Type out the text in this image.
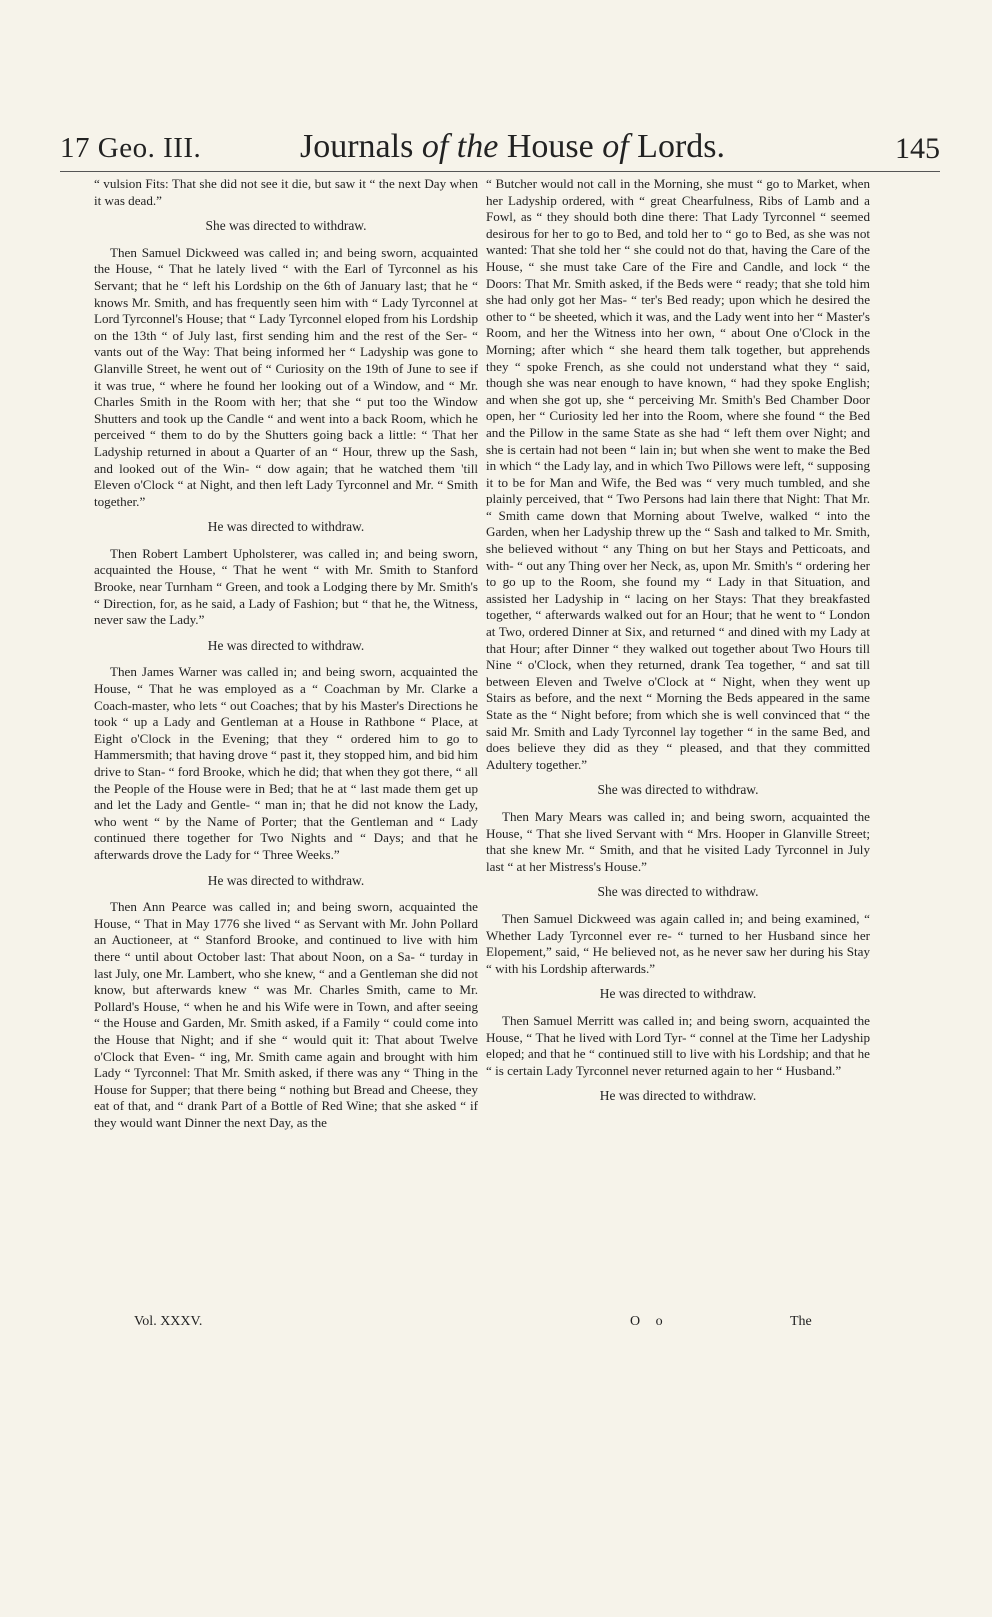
17 Geo. III.	Journals of the House of Lords.	145

“ vulsion Fits: That she did not see it die, but saw it “ the next Day when it was dead.”

She was directed to withdraw.

Then Samuel Dickweed was called in; and being sworn, acquainted the House, “ That he lately lived “ with the Earl of Tyrconnel as his Servant; that he “ left his Lordship on the 6th of January last; that he “ knows Mr. Smith, and has frequently seen him with “ Lady Tyrconnel at Lord Tyrconnel's House; that “ Lady Tyrconnel eloped from his Lordship on the 13th “ of July last, first sending him and the rest of the Ser- “ vants out of the Way: That being informed her “ Ladyship was gone to Glanville Street, he went out of “ Curiosity on the 19th of June to see if it was true, “ where he found her looking out of a Window, and “ Mr. Charles Smith in the Room with her; that she “ put too the Window Shutters and took up the Candle “ and went into a back Room, which he perceived “ them to do by the Shutters going back a little: “ That her Ladyship returned in about a Quarter of an “ Hour, threw up the Sash, and looked out of the Win- “ dow again; that he watched them 'till Eleven o'Clock “ at Night, and then left Lady Tyrconnel and Mr. “ Smith together.”

He was directed to withdraw.

Then Robert Lambert Upholsterer, was called in; and being sworn, acquainted the House, “ That he went “ with Mr. Smith to Stanford Brooke, near Turnham “ Green, and took a Lodging there by Mr. Smith's “ Direction, for, as he said, a Lady of Fashion; but “ that he, the Witness, never saw the Lady.”

He was directed to withdraw.

Then James Warner was called in; and being sworn, acquainted the House, “ That he was employed as a “ Coachman by Mr. Clarke a Coach-master, who lets “ out Coaches; that by his Master's Directions he took “ up a Lady and Gentleman at a House in Rathbone “ Place, at Eight o'Clock in the Evening; that they “ ordered him to go to Hammersmith; that having drove “ past it, they stopped him, and bid him drive to Stan- “ ford Brooke, which he did; that when they got there, “ all the People of the House were in Bed; that he at “ last made them get up and let the Lady and Gentle- “ man in; that he did not know the Lady, who went “ by the Name of Porter; that the Gentleman and “ Lady continued there together for Two Nights and “ Days; and that he afterwards drove the Lady for “ Three Weeks.”

He was directed to withdraw.

Then Ann Pearce was called in; and being sworn, acquainted the House, “ That in May 1776 she lived “ as Servant with Mr. John Pollard an Auctioneer, at “ Stanford Brooke, and continued to live with him there “ until about October last: That about Noon, on a Sa- “ turday in last July, one Mr. Lambert, who she knew, “ and a Gentleman she did not know, but afterwards knew “ was Mr. Charles Smith, came to Mr. Pollard's House, “ when he and his Wife were in Town, and after seeing “ the House and Garden, Mr. Smith asked, if a Family “ could come into the House that Night; and if she “ would quit it: That about Twelve o'Clock that Even- “ ing, Mr. Smith came again and brought with him Lady “ Tyrconnel: That Mr. Smith asked, if there was any “ Thing in the House for Supper; that there being “ nothing but Bread and Cheese, they eat of that, and “ drank Part of a Bottle of Red Wine; that she asked “ if they would want Dinner the next Day, as the

“ Butcher would not call in the Morning, she must “ go to Market, when her Ladyship ordered, with “ great Chearfulness, Ribs of Lamb and a Fowl, as “ they should both dine there: That Lady Tyrconnel “ seemed desirous for her to go to Bed, and told her to “ go to Bed, as she was not wanted: That she told her “ she could not do that, having the Care of the House, “ she must take Care of the Fire and Candle, and lock “ the Doors: That Mr. Smith asked, if the Beds were “ ready; that she told him she had only got her Mas- “ ter's Bed ready; upon which he desired the other to “ be sheeted, which it was, and the Lady went into her “ Master's Room, and her the Witness into her own, “ about One o'Clock in the Morning; after which “ she heard them talk together, but apprehends they “ spoke French, as she could not understand what they “ said, though she was near enough to have known, “ had they spoke English; and when she got up, she “ perceiving Mr. Smith's Bed Chamber Door open, her “ Curiosity led her into the Room, where she found “ the Bed and the Pillow in the same State as she had “ left them over Night; and she is certain had not been “ lain in; but when she went to make the Bed in which “ the Lady lay, and in which Two Pillows were left, “ supposing it to be for Man and Wife, the Bed was “ very much tumbled, and she plainly perceived, that “ Two Persons had lain there that Night: That Mr. “ Smith came down that Morning about Twelve, walked “ into the Garden, when her Ladyship threw up the “ Sash and talked to Mr. Smith, she believed without “ any Thing on but her Stays and Petticoats, and with- “ out any Thing over her Neck, as, upon Mr. Smith's “ ordering her to go up to the Room, she found my “ Lady in that Situation, and assisted her Ladyship in “ lacing on her Stays: That they breakfasted together, “ afterwards walked out for an Hour; that he went to “ London at Two, ordered Dinner at Six, and returned “ and dined with my Lady at that Hour; after Dinner “ they walked out together about Two Hours till Nine “ o'Clock, when they returned, drank Tea together, “ and sat till between Eleven and Twelve o'Clock at “ Night, when they went up Stairs as before, and the next “ Morning the Beds appeared in the same State as the “ Night before; from which she is well convinced that “ the said Mr. Smith and Lady Tyrconnel lay together “ in the same Bed, and does believe they did as they “ pleased, and that they committed Adultery together.”

She was directed to withdraw.

Then Mary Mears was called in; and being sworn, acquainted the House, “ That she lived Servant with “ Mrs. Hooper in Glanville Street; that she knew Mr. “ Smith, and that he visited Lady Tyrconnel in July last “ at her Mistress's House.”

She was directed to withdraw.

Then Samuel Dickweed was again called in; and being examined, “ Whether Lady Tyrconnel ever re- “ turned to her Husband since her Elopement,” said, “ He believed not, as he never saw her during his Stay “ with his Lordship afterwards.”

He was directed to withdraw.

Then Samuel Merritt was called in; and being sworn, acquainted the House, “ That he lived with Lord Tyr- “ connel at the Time her Ladyship eloped; and that he “ continued still to live with his Lordship; and that he “ is certain Lady Tyrconnel never returned again to her “ Husband.”

He was directed to withdraw.
Vol. XXXV.	O o	The
